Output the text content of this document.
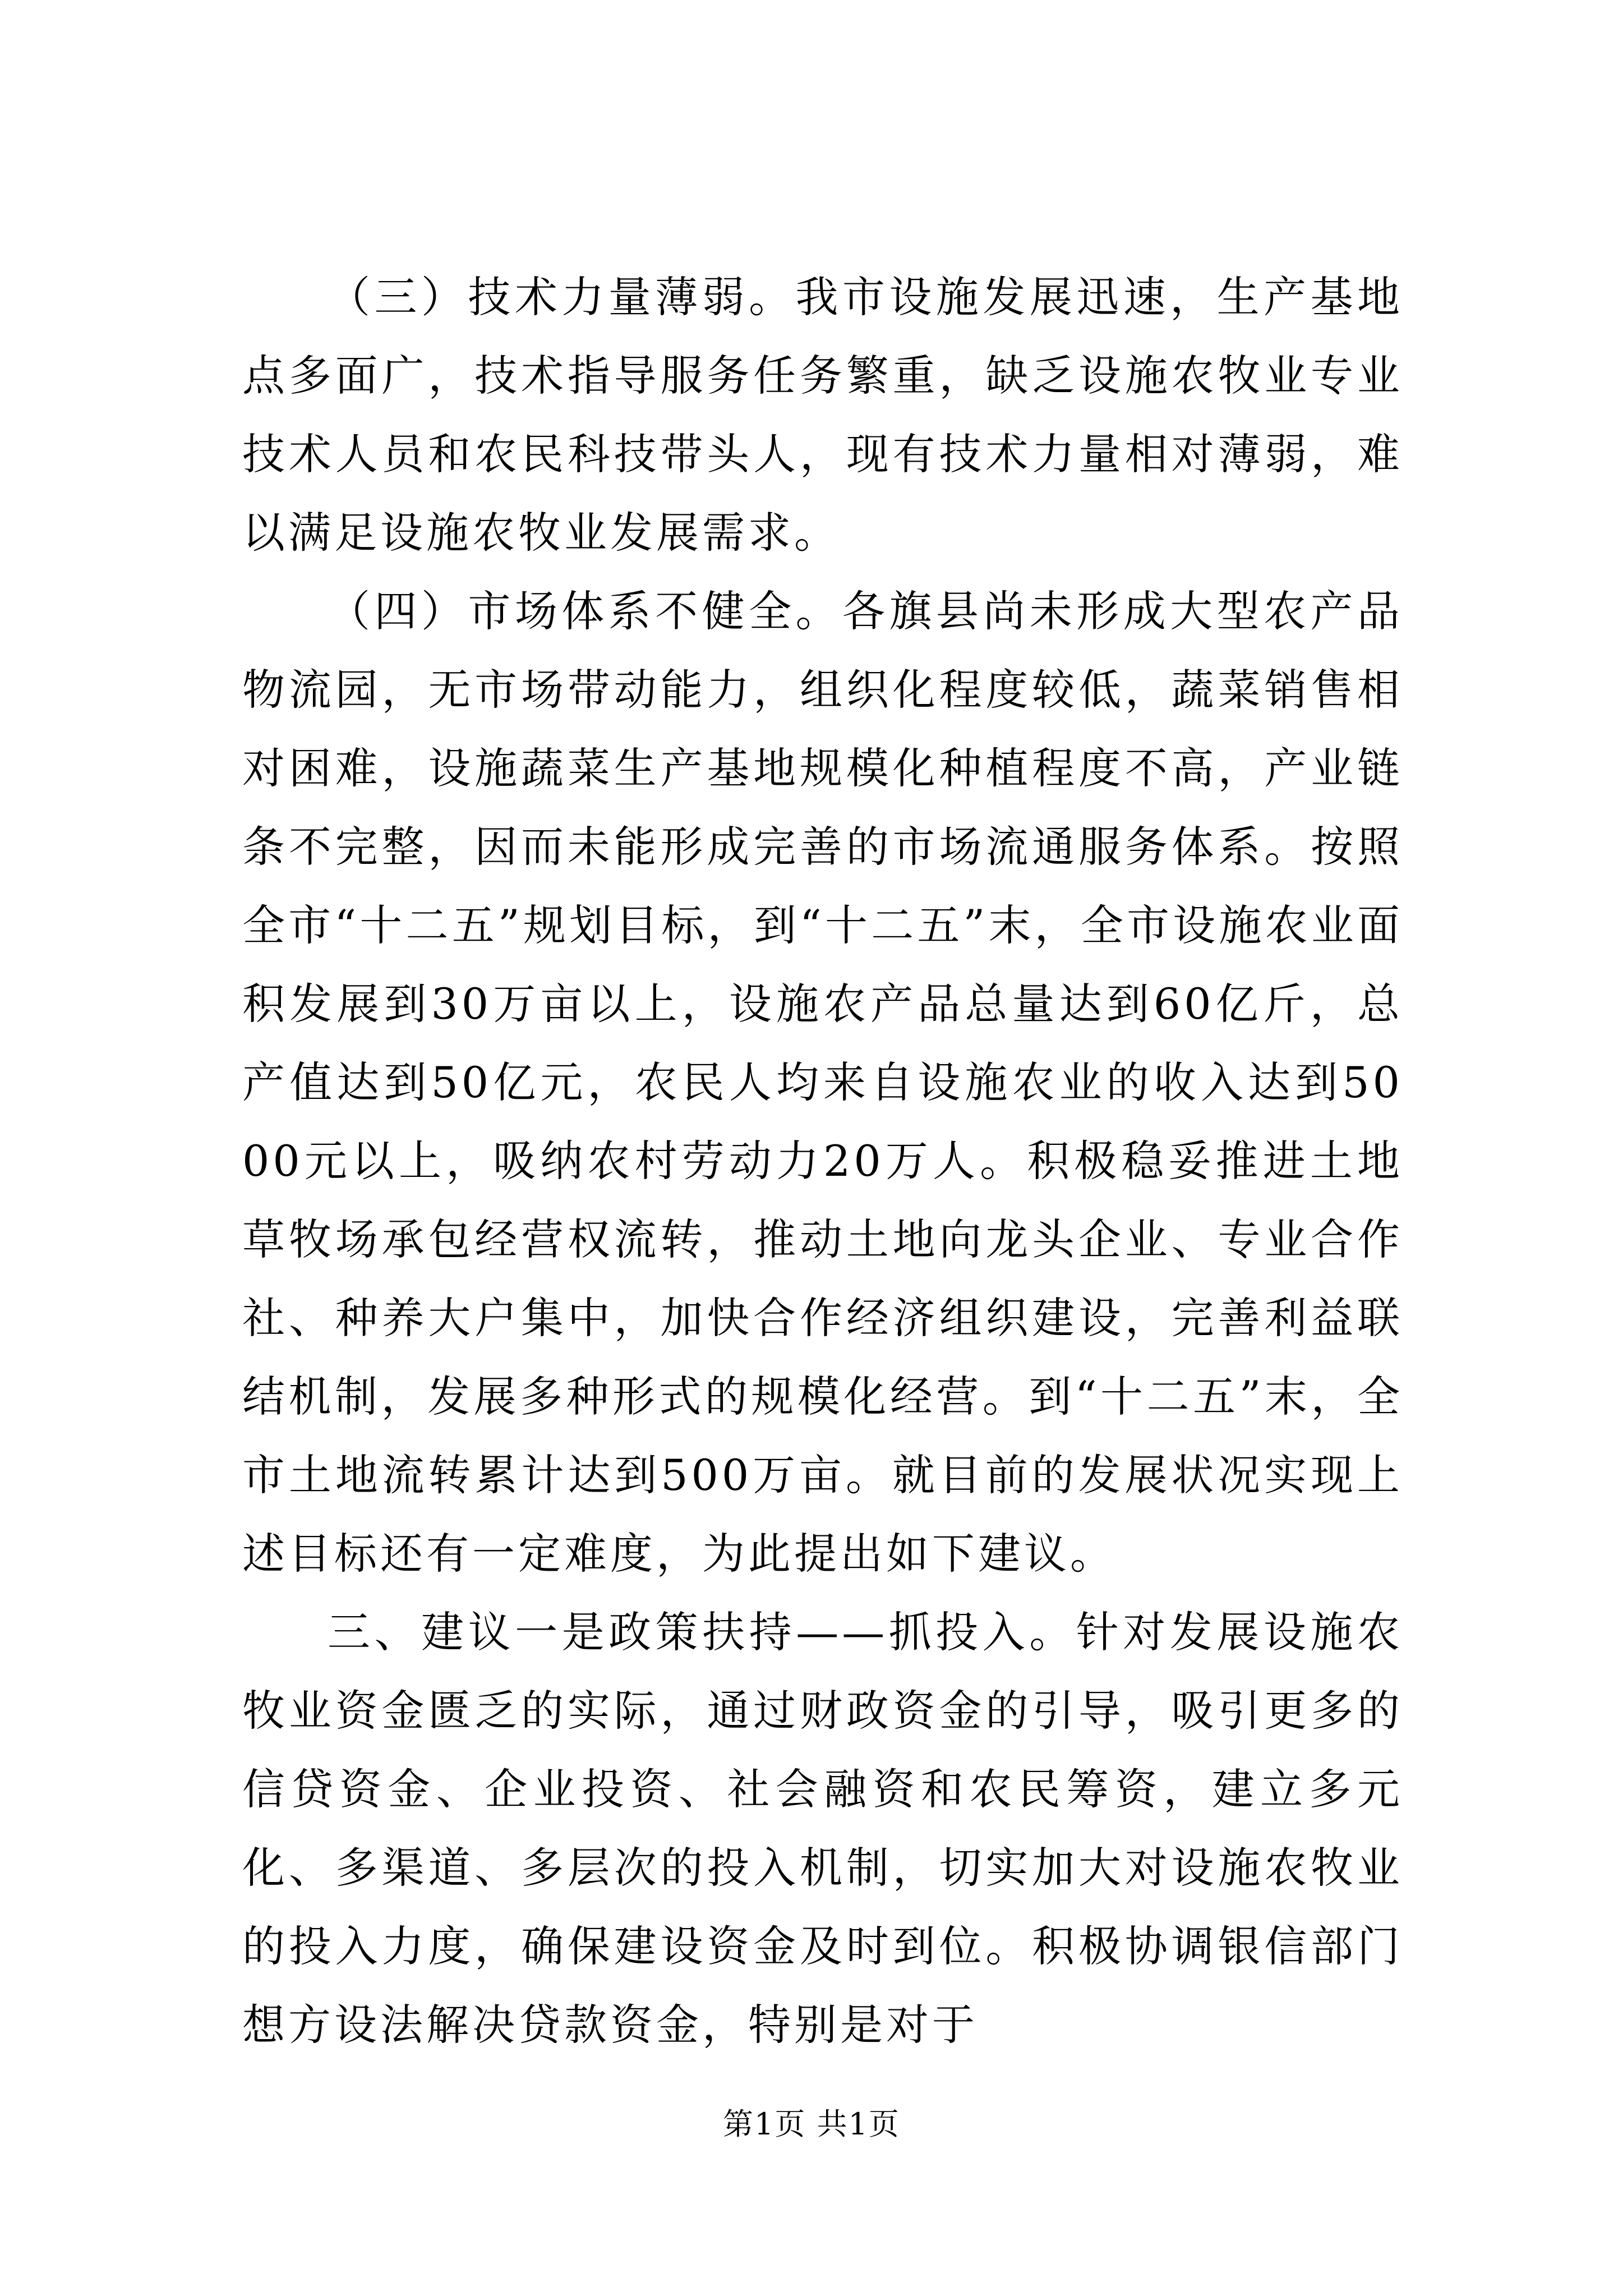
（三）技术力量薄弱。我市设施发展迅速，生产基地点多面广，技术指导服务任务繁重，缺乏设施农牧业专业技术人员和农民科技带头人，现有技术力量相对薄弱，难以满足设施农牧业发展需求。

（四）市场体系不健全。各旗县尚未形成大型农产品物流园，无市场带动能力，组织化程度较低，蔬菜销售相对困难，设施蔬菜生产基地规模化种植程度不高，产业链条不完整，因而未能形成完善的市场流通服务体系。按照全市“十二五”规划目标，到“十二五”末，全市设施农业面积发展到30万亩以上，设施农产品总量达到60亿斤，总产值达到50亿元，农民人均来自设施农业的收入达到5000元以上，吸纳农村劳动力20万人。积极稳妥推进土地草牧场承包经营权流转，推动土地向龙头企业、专业合作社、种养大户集中，加快合作经济组织建设，完善利益联结机制，发展多种形式的规模化经营。到“十二五”末，全市土地流转累计达到500万亩。就目前的发展状况实现上述目标还有一定难度，为此提出如下建议。

三、建议一是政策扶持——抓投入。针对发展设施农牧业资金匮乏的实际，通过财政资金的引导，吸引更多的信贷资金、企业投资、社会融资和农民筹资，建立多元化、多渠道、多层次的投入机制，切实加大对设施农牧业的投入力度，确保建设资金及时到位。积极协调银信部门想方设法解决贷款资金，特别是对于

第1页 共1页
